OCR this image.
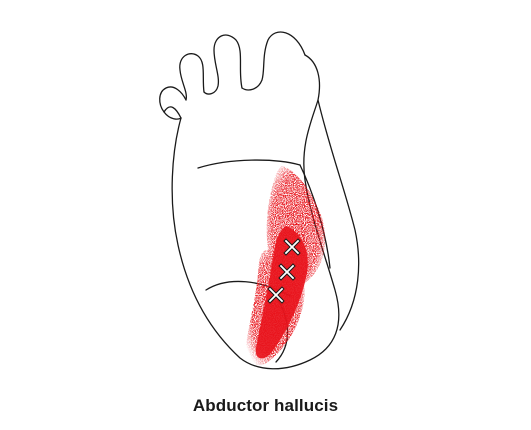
Abductor hallucis
